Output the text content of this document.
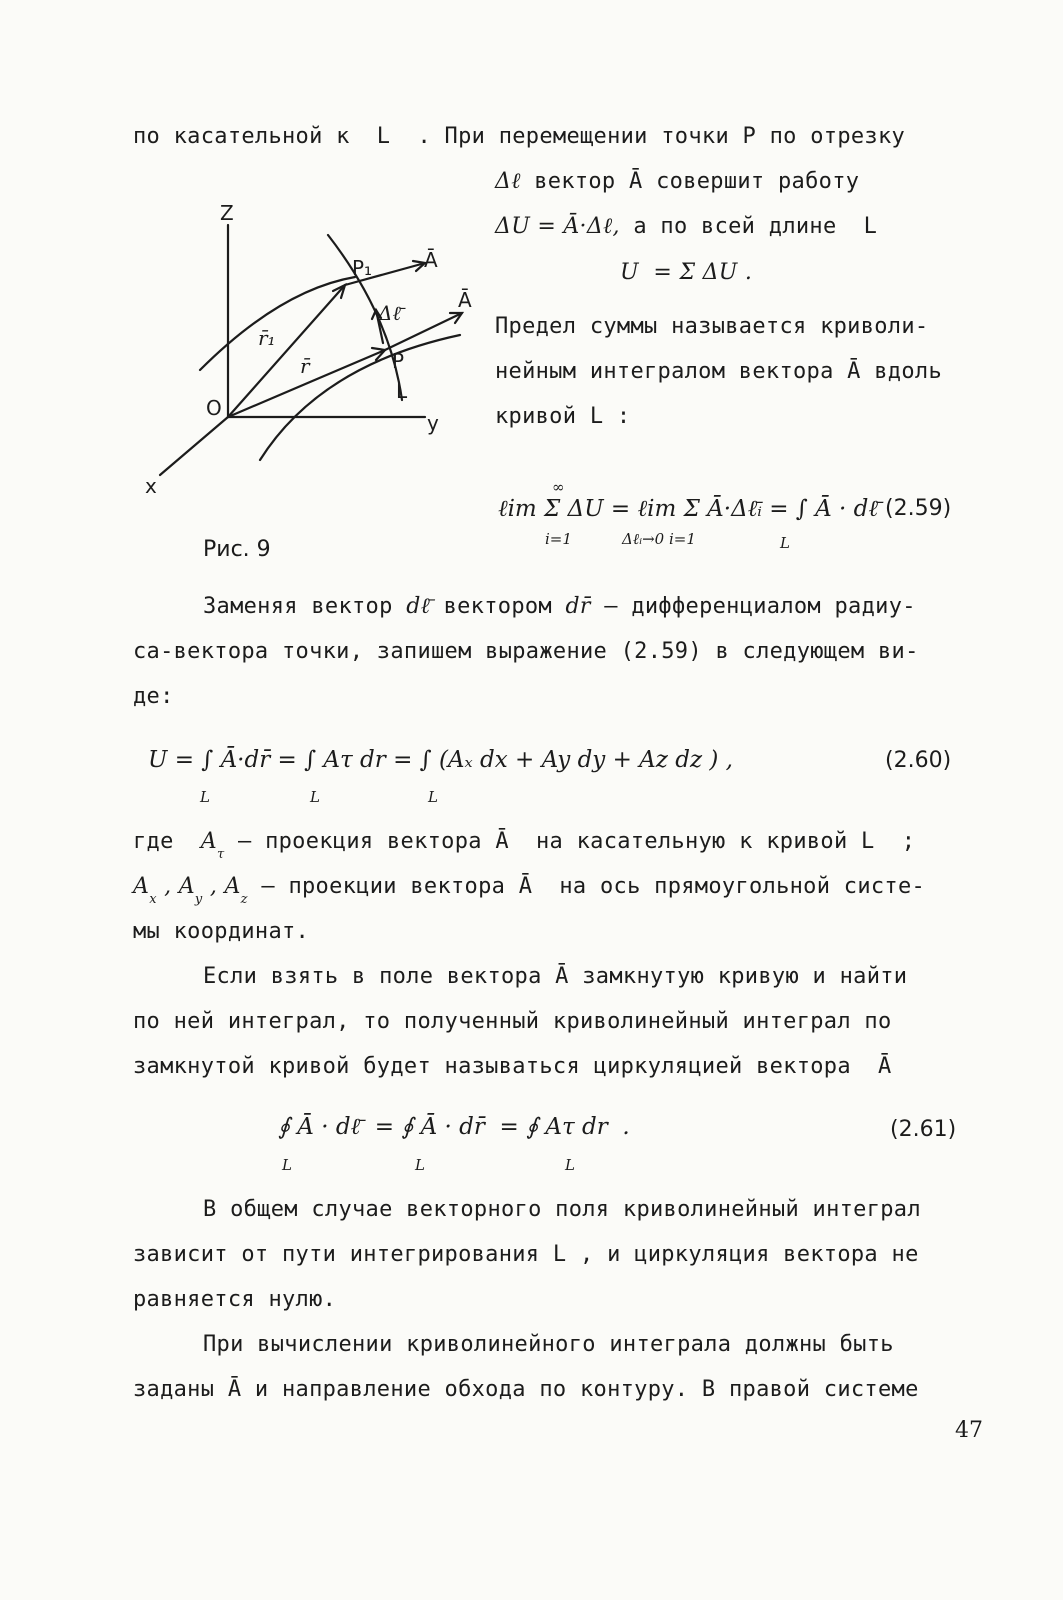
по касательной к  L  . При перемещении точки P по отрезку
Δℓ вектор Ā совершит работу
ΔU = Ā·Δℓ, а по всей длине  L
U  = Σ ΔU .
Предел суммы называется криволи-
нейным интегралом вектора Ā вдоль
кривой L :
Z
y
x
O
P₁
P
Ā
Ā
r̄₁
r̄
Δℓ̄
L
ℓim Σ ΔU = ℓim Σ Ā·Δℓ̄ᵢ = ∫ Ā · dℓ̄
∞
i=1	Δℓᵢ→0 i=1	L
(2.59)
Рис. 9
Заменяя вектор dℓ̄ вектором dr̄ – дифференциалом радиу-
са-вектора точки, запишем выражение (2.59) в следующем ви-
де:
U = ∫ Ā·dr̄ = ∫ Aτ dr = ∫ (Aₓ dx + Ay dy + Az dz ) ,
L	L	L
(2.60)
где  $A_\tau$ – проекция вектора Ā  на касательную к кривой L  ;
$A_x$ , $A_y$ , $A_z$ – проекции вектора Ā  на ось прямоугольной систе-
мы координат.
Если взять в поле вектора Ā замкнутую кривую и найти
по ней интеграл, то полученный криволинейный интеграл по
замкнутой кривой будет называться циркуляцией вектора  Ā
∮ Ā · dℓ̄  = ∮ Ā · dr̄  = ∮ Aτ dr  .
L	L	L
(2.61)
В общем случае векторного поля криволинейный интеграл
зависит от пути интегрирования L , и циркуляция вектора не
равняется нулю.
При вычислении криволинейного интеграла должны быть
заданы Ā и направление обхода по контуру. В правой системе
47
